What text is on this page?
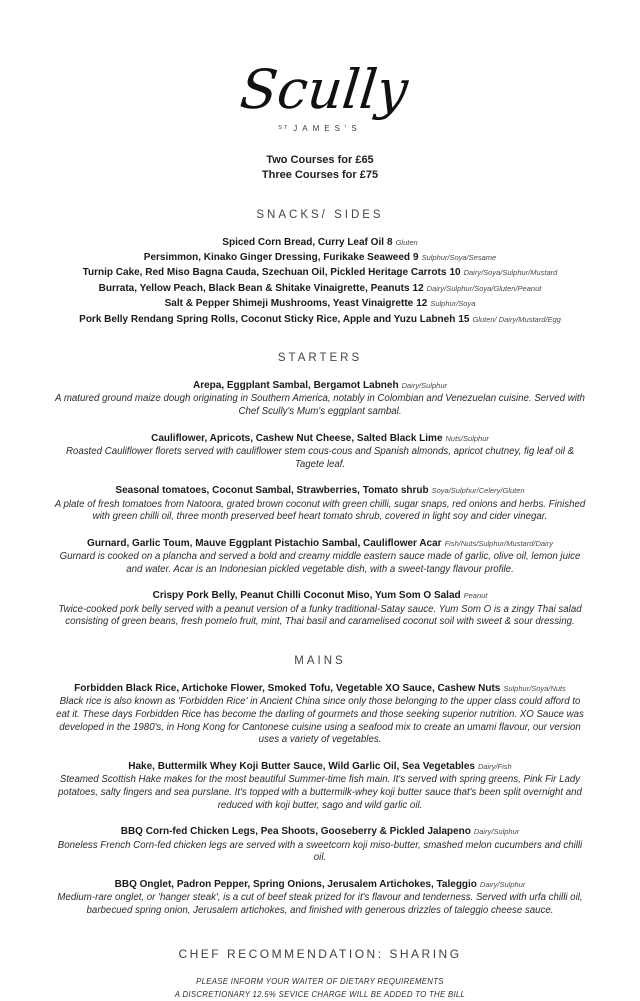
Scully
$^{ST}$ JAMES'S
Two Courses for £65
Three Courses for £75
SNACKS/ SIDES
Spiced Corn Bread, Curry Leaf Oil 8 Gluten
Persimmon, Kinako Ginger Dressing, Furikake Seaweed 9 Sulphur/Soya/Sesame
Turnip Cake, Red Miso Bagna Cauda, Szechuan Oil, Pickled Heritage Carrots 10 Dairy/Soya/Sulphur/Mustard
Burrata, Yellow Peach, Black Bean & Shitake Vinaigrette, Peanuts 12 Dairy/Sulphur/Soya/Gluten/Peanut
Salt & Pepper Shimeji Mushrooms, Yeast Vinaigrette 12 Sulphur/Soya
Pork Belly Rendang Spring Rolls, Coconut Sticky Rice, Apple and Yuzu Labneh 15 Gluten/ Dairy/Mustard/Egg
STARTERS
Arepa, Eggplant Sambal, Bergamot Labneh Dairy/Sulphur
A matured ground maize dough originating in Southern America, notably in Colombian and Venezuelan cuisine. Served with Chef Scully's Mum's eggplant sambal.
Cauliflower, Apricots, Cashew Nut Cheese, Salted Black Lime Nuts/Sulphur
Roasted Cauliflower florets served with cauliflower stem cous-cous and Spanish almonds, apricot chutney, fig leaf oil & Tagete leaf.
Seasonal tomatoes, Coconut Sambal, Strawberries, Tomato shrub Soya/Sulphur/Celery/Gluten
A plate of fresh tomatoes from Natoora, grated brown coconut with green chilli, sugar snaps, red onions and herbs. Finished with green chilli oil, three month preserved beef heart tomato shrub, covered in light soy and cider vinegar.
Gurnard, Garlic Toum, Mauve Eggplant Pistachio Sambal, Cauliflower Acar Fish/Nuts/Sulphur/Mustard/Dairy
Gurnard is cooked on a plancha and served a bold and creamy middle eastern sauce made of garlic, olive oil, lemon juice and water. Acar is an Indonesian pickled vegetable dish, with a sweet-tangy flavour profile.
Crispy Pork Belly, Peanut Chilli Coconut Miso, Yum Som O Salad Peanut
Twice-cooked pork belly served with a peanut version of a funky traditional-Satay sauce. Yum Som O is a zingy Thai salad consisting of green beans, fresh pomelo fruit, mint, Thai basil and caramelised coconut soil with sweet & sour dressing.
MAINS
Forbidden Black Rice, Artichoke Flower, Smoked Tofu, Vegetable XO Sauce, Cashew Nuts Sulphur/Soya/Nuts
Black rice is also known as 'Forbidden Rice' in Ancient China since only those belonging to the upper class could afford to eat it. These days Forbidden Rice has become the darling of gourmets and those seeking superior nutrition. XO Sauce was developed in the 1980's, in Hong Kong for Cantonese cuisine using a seafood mix to create an umami flavour, our version uses a variety of vegetables.
Hake, Buttermilk Whey Koji Butter Sauce, Wild Garlic Oil, Sea Vegetables Dairy/Fish
Steamed Scottish Hake makes for the most beautiful Summer-time fish main. It's served with spring greens, Pink Fir Lady potatoes, salty fingers and sea purslane. It's topped with a buttermilk-whey koji butter sauce that's been split overnight and reduced with koji butter, sago and wild garlic oil.
BBQ Corn-fed Chicken Legs, Pea Shoots, Gooseberry & Pickled Jalapeno Dairy/Sulphur
Boneless French Corn-fed chicken legs are served with a sweetcorn koji miso-butter, smashed melon cucumbers and chilli oil.
BBQ Onglet, Padron Pepper, Spring Onions, Jerusalem Artichokes, Taleggio Dairy/Sulphur
Medium-rare onglet, or 'hanger steak', is a cut of beef steak prized for it's flavour and tenderness. Served with urfa chilli oil, barbecued spring onion, Jerusalem artichokes, and finished with generous drizzles of taleggio cheese sauce.
CHEF RECOMMENDATION: SHARING
PLEASE INFORM YOUR WAITER OF DIETARY REQUIREMENTS
A DISCRETIONARY 12.5% SEVICE CHARGE WILL BE ADDED TO THE BILL
